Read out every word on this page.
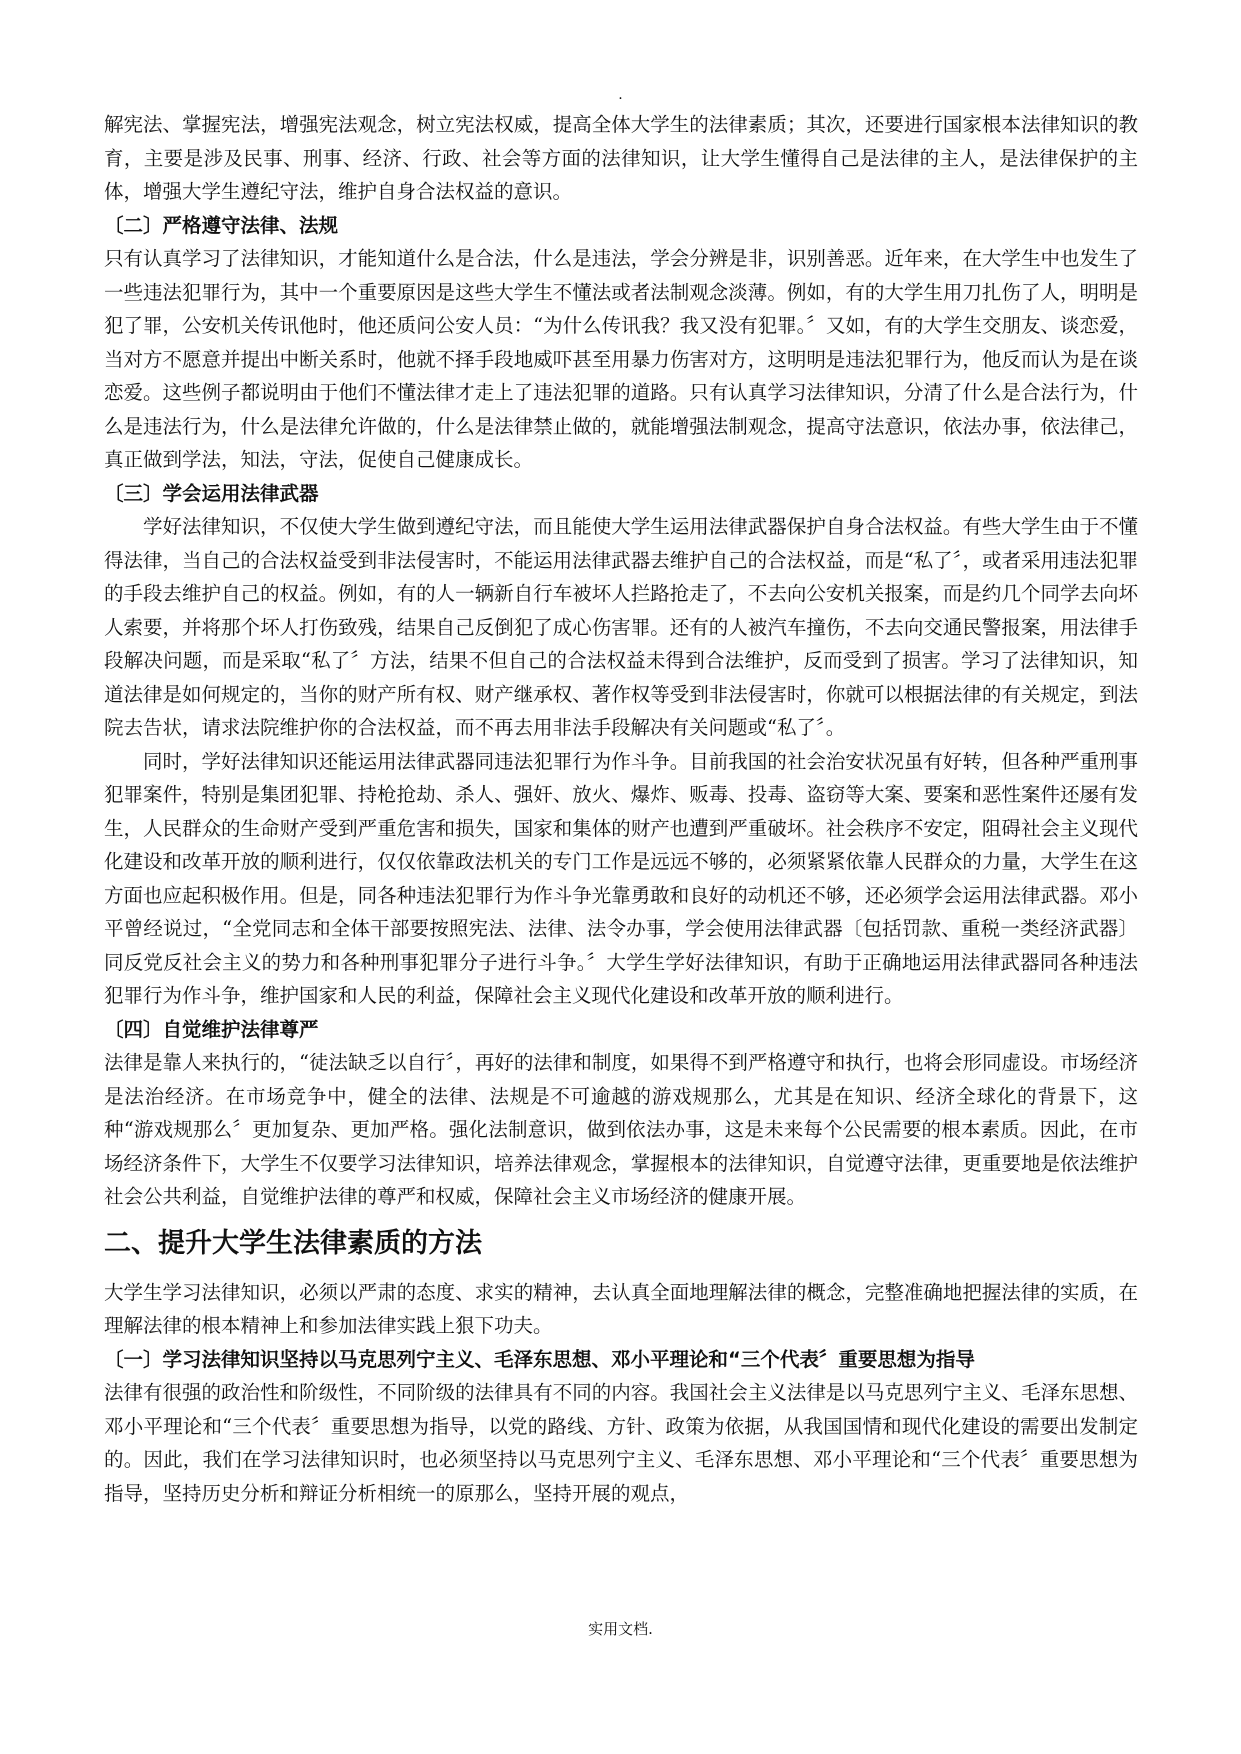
.

解宪法、掌握宪法，增强宪法观念，树立宪法权威，提高全体大学生的法律素质；其次，还要进行国家根本法律知识的教育，主要是涉及民事、刑事、经济、行政、社会等方面的法律知识，让大学生懂得自己是法律的主人，是法律保护的主体，增强大学生遵纪守法，维护自身合法权益的意识。

〔二〕严格遵守法律、法规

只有认真学习了法律知识，才能知道什么是合法，什么是违法，学会分辨是非，识别善恶。近年来，在大学生中也发生了一些违法犯罪行为，其中一个重要原因是这些大学生不懂法或者法制观念淡薄。例如，有的大学生用刀扎伤了人，明明是犯了罪，公安机关传讯他时，他还质问公安人员：“为什么传讯我？我又没有犯罪。〞又如，有的大学生交朋友、谈恋爱，当对方不愿意并提出中断关系时，他就不择手段地威吓甚至用暴力伤害对方，这明明是违法犯罪行为，他反而认为是在谈恋爱。这些例子都说明由于他们不懂法律才走上了违法犯罪的道路。只有认真学习法律知识，分清了什么是合法行为，什么是违法行为，什么是法律允许做的，什么是法律禁止做的，就能增强法制观念，提高守法意识，依法办事，依法律己，真正做到学法，知法，守法，促使自己健康成长。

〔三〕学会运用法律武器

学好法律知识，不仅使大学生做到遵纪守法，而且能使大学生运用法律武器保护自身合法权益。有些大学生由于不懂得法律，当自己的合法权益受到非法侵害时，不能运用法律武器去维护自己的合法权益，而是“私了〞，或者采用违法犯罪的手段去维护自己的权益。例如，有的人一辆新自行车被坏人拦路抢走了，不去向公安机关报案，而是约几个同学去向坏人索要，并将那个坏人打伤致残，结果自己反倒犯了成心伤害罪。还有的人被汽车撞伤，不去向交通民警报案，用法律手段解决问题，而是采取“私了〞方法，结果不但自己的合法权益未得到合法维护，反而受到了损害。学习了法律知识，知道法律是如何规定的，当你的财产所有权、财产继承权、著作权等受到非法侵害时，你就可以根据法律的有关规定，到法院去告状，请求法院维护你的合法权益，而不再去用非法手段解决有关问题或“私了〞。

同时，学好法律知识还能运用法律武器同违法犯罪行为作斗争。目前我国的社会治安状况虽有好转，但各种严重刑事犯罪案件，特别是集团犯罪、持枪抢劫、杀人、强奸、放火、爆炸、贩毒、投毒、盗窃等大案、要案和恶性案件还屡有发生，人民群众的生命财产受到严重危害和损失，国家和集体的财产也遭到严重破坏。社会秩序不安定，阻碍社会主义现代化建设和改革开放的顺利进行，仅仅依靠政法机关的专门工作是远远不够的，必须紧紧依靠人民群众的力量，大学生在这方面也应起积极作用。但是，同各种违法犯罪行为作斗争光靠勇敢和良好的动机还不够，还必须学会运用法律武器。邓小平曾经说过，“全党同志和全体干部要按照宪法、法律、法令办事，学会使用法律武器〔包括罚款、重税一类经济武器〕同反党反社会主义的势力和各种刑事犯罪分子进行斗争。〞大学生学好法律知识，有助于正确地运用法律武器同各种违法犯罪行为作斗争，维护国家和人民的利益，保障社会主义现代化建设和改革开放的顺利进行。

〔四〕自觉维护法律尊严

法律是靠人来执行的，“徒法缺乏以自行〞，再好的法律和制度，如果得不到严格遵守和执行，也将会形同虚设。市场经济是法治经济。在市场竞争中，健全的法律、法规是不可逾越的游戏规那么，尤其是在知识、经济全球化的背景下，这种“游戏规那么〞更加复杂、更加严格。强化法制意识，做到依法办事，这是未来每个公民需要的根本素质。因此，在市场经济条件下，大学生不仅要学习法律知识，培养法律观念，掌握根本的法律知识，自觉遵守法律，更重要地是依法维护社会公共利益，自觉维护法律的尊严和权威，保障社会主义市场经济的健康开展。

二、提升大学生法律素质的方法

大学生学习法律知识，必须以严肃的态度、求实的精神，去认真全面地理解法律的概念，完整准确地把握法律的实质，在理解法律的根本精神上和参加法律实践上狠下功夫。

〔一〕学习法律知识坚持以马克思列宁主义、毛泽东思想、邓小平理论和“三个代表〞重要思想为指导

法律有很强的政治性和阶级性，不同阶级的法律具有不同的内容。我国社会主义法律是以马克思列宁主义、毛泽东思想、邓小平理论和“三个代表〞重要思想为指导，以党的路线、方针、政策为依据，从我国国情和现代化建设的需要出发制定的。因此，我们在学习法律知识时，也必须坚持以马克思列宁主义、毛泽东思想、邓小平理论和“三个代表〞重要思想为指导，坚持历史分析和辩证分析相统一的原那么，坚持开展的观点，

实用文档.
